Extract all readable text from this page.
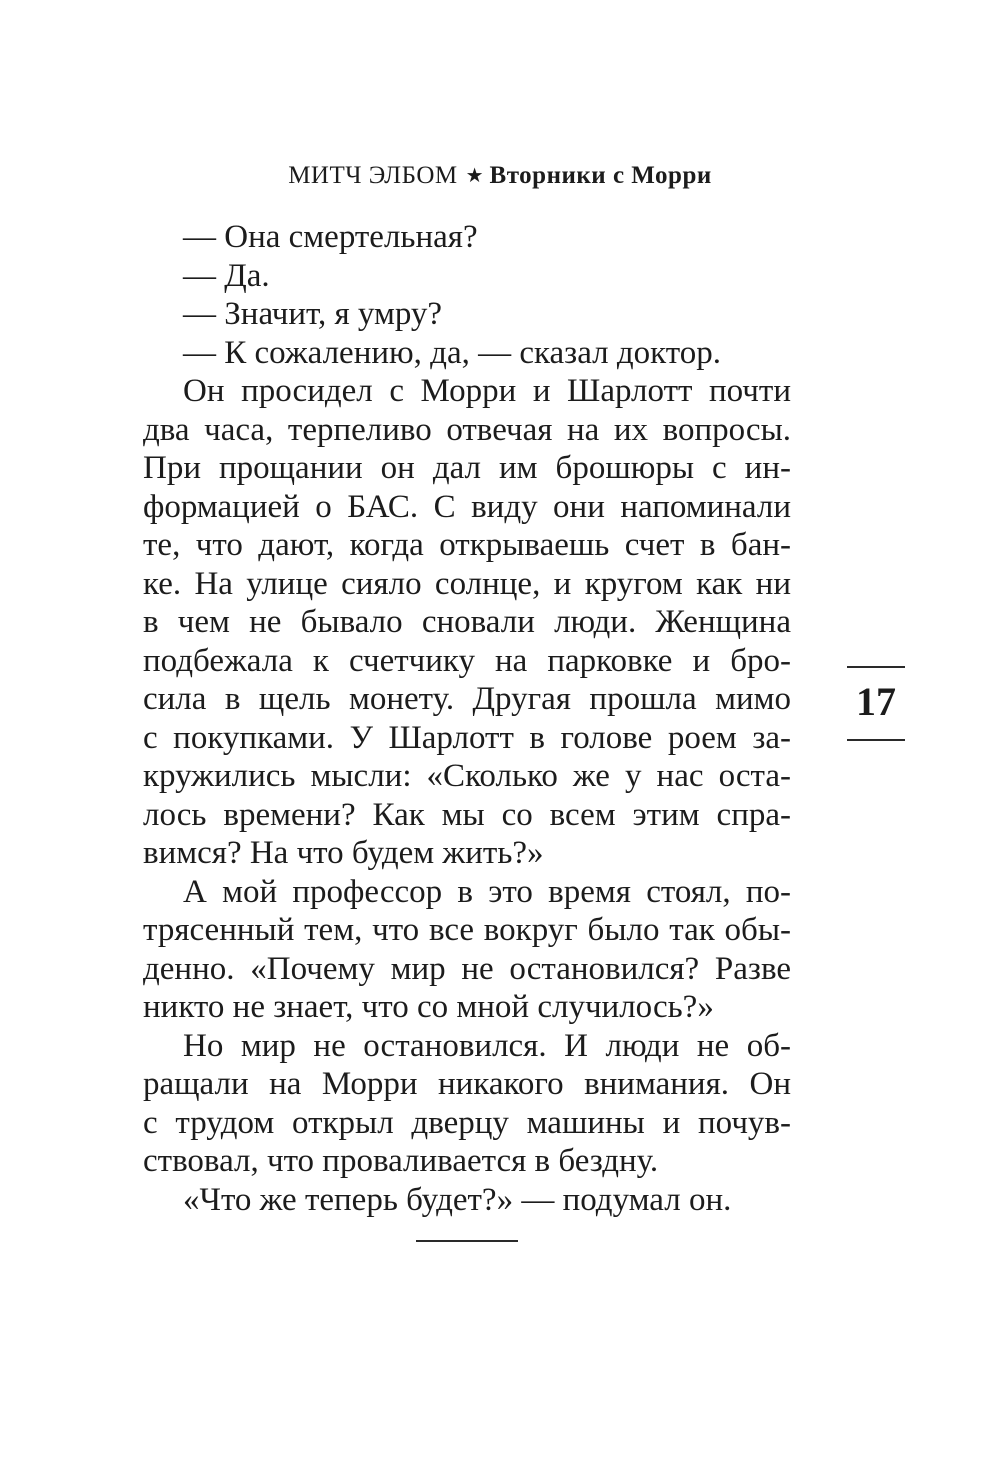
МИТЧ ЭЛБОМ ★ Вторники с Морри
— Она смертельная?
— Да.
— Значит, я умру?
— К сожалению, да, — сказал доктор.
Он просидел с Морри и Шарлотт почти
два часа, терпеливо отвечая на их вопросы.
При прощании он дал им брошюры с ин-
формацией о БАС. С виду они напоминали
те, что дают, когда открываешь счет в бан-
ке. На улице сияло солнце, и кругом как ни
в чем не бывало сновали люди. Женщина
подбежала к счетчику на парковке и бро-
сила в щель монету. Другая прошла мимо
с покупками. У Шарлотт в голове роем за-
кружились мысли: «Сколько же у нас оста-
лось времени? Как мы со всем этим спра-
вимся? На что будем жить?»
А мой профессор в это время стоял, по-
трясенный тем, что все вокруг было так обы-
денно. «Почему мир не остановился? Разве
никто не знает, что со мной случилось?»
Но мир не остановился. И люди не об-
ращали на Морри никакого внимания. Он
с трудом открыл дверцу машины и почув-
ствовал, что проваливается в бездну.
«Что же теперь будет?» — подумал он.
17
